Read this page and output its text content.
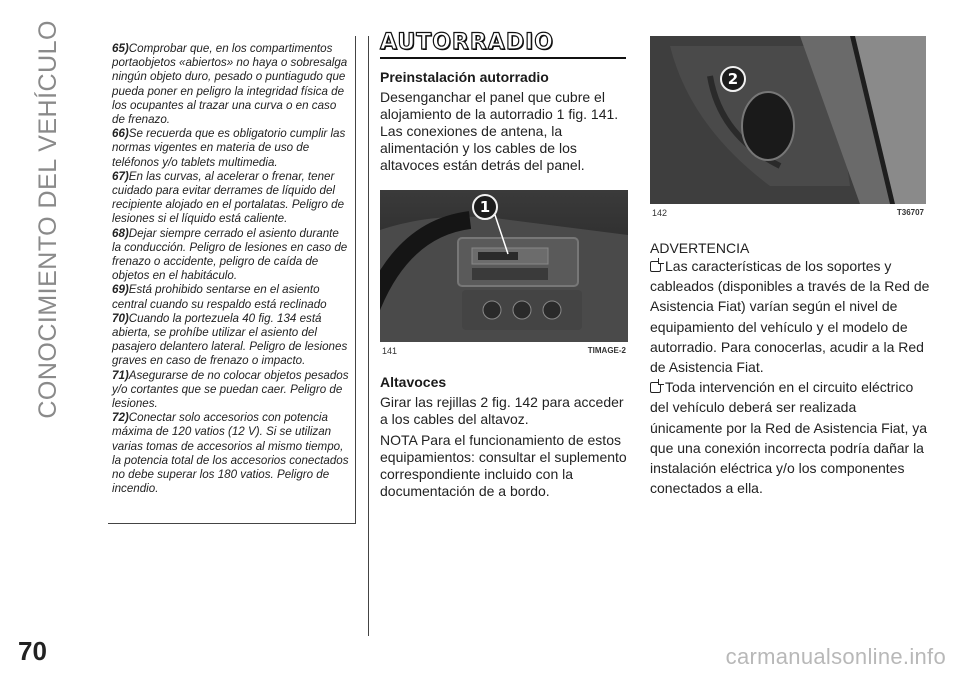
CONOCIMIENTO DEL VEHÍCULO
70

65)Comprobar que, en los compartimentos portaobjetos «abiertos» no haya o sobresalga ningún objeto duro, pesado o puntiagudo que pueda poner en peligro la integridad física de los ocupantes al trazar una curva o en caso de frenazo.

66)Se recuerda que es obligatorio cumplir las normas vigentes en materia de uso de teléfonos y/o tablets multimedia.

67)En las curvas, al acelerar o frenar, tener cuidado para evitar derrames de líquido del recipiente alojado en el portalatas. Peligro de lesiones si el líquido está caliente.

68)Dejar siempre cerrado el asiento durante la conducción. Peligro de lesiones en caso de frenazo o accidente, peligro de caída de objetos en el habitáculo.

69)Está prohibido sentarse en el asiento central cuando su respaldo está reclinado

70)Cuando la portezuela 40 fig. 134 está abierta, se prohíbe utilizar el asiento del pasajero delantero lateral. Peligro de lesiones graves en caso de frenazo o impacto.

71)Asegurarse de no colocar objetos pesados y/o cortantes que se puedan caer. Peligro de lesiones.

72)Conectar solo accesorios con potencia máxima de 120 vatios (12 V). Si se utilizan varias tomas de accesorios al mismo tiempo, la potencia total de los accesorios conectados no debe superar los 180 vatios. Peligro de incendio.

AUTORRADIO
Preinstalación autorradio

Desenganchar el panel que cubre el alojamiento de la autorradio 1 fig. 141. Las conexiones de antena, la alimentación y los cables de los altavoces están detrás del panel.

1
141	TIMAGE-2
Altavoces

Girar las rejillas 2 fig. 142 para acceder a los cables del altavoz.

NOTA Para el funcionamiento de estos equipamientos: consultar el suplemento correspondiente incluido con la documentación de a bordo.

2
142	T36707
ADVERTENCIA

Las características de los soportes y cableados (disponibles a través de la Red de Asistencia Fiat) varían según el nivel de equipamiento del vehículo y el modelo de autorradio. Para conocerlas, acudir a la Red de Asistencia Fiat.

Toda intervención en el circuito eléctrico del vehículo deberá ser realizada únicamente por la Red de Asistencia Fiat, ya que una conexión incorrecta podría dañar la instalación eléctrica y/o los componentes conectados a ella.

carmanualsonline.info
